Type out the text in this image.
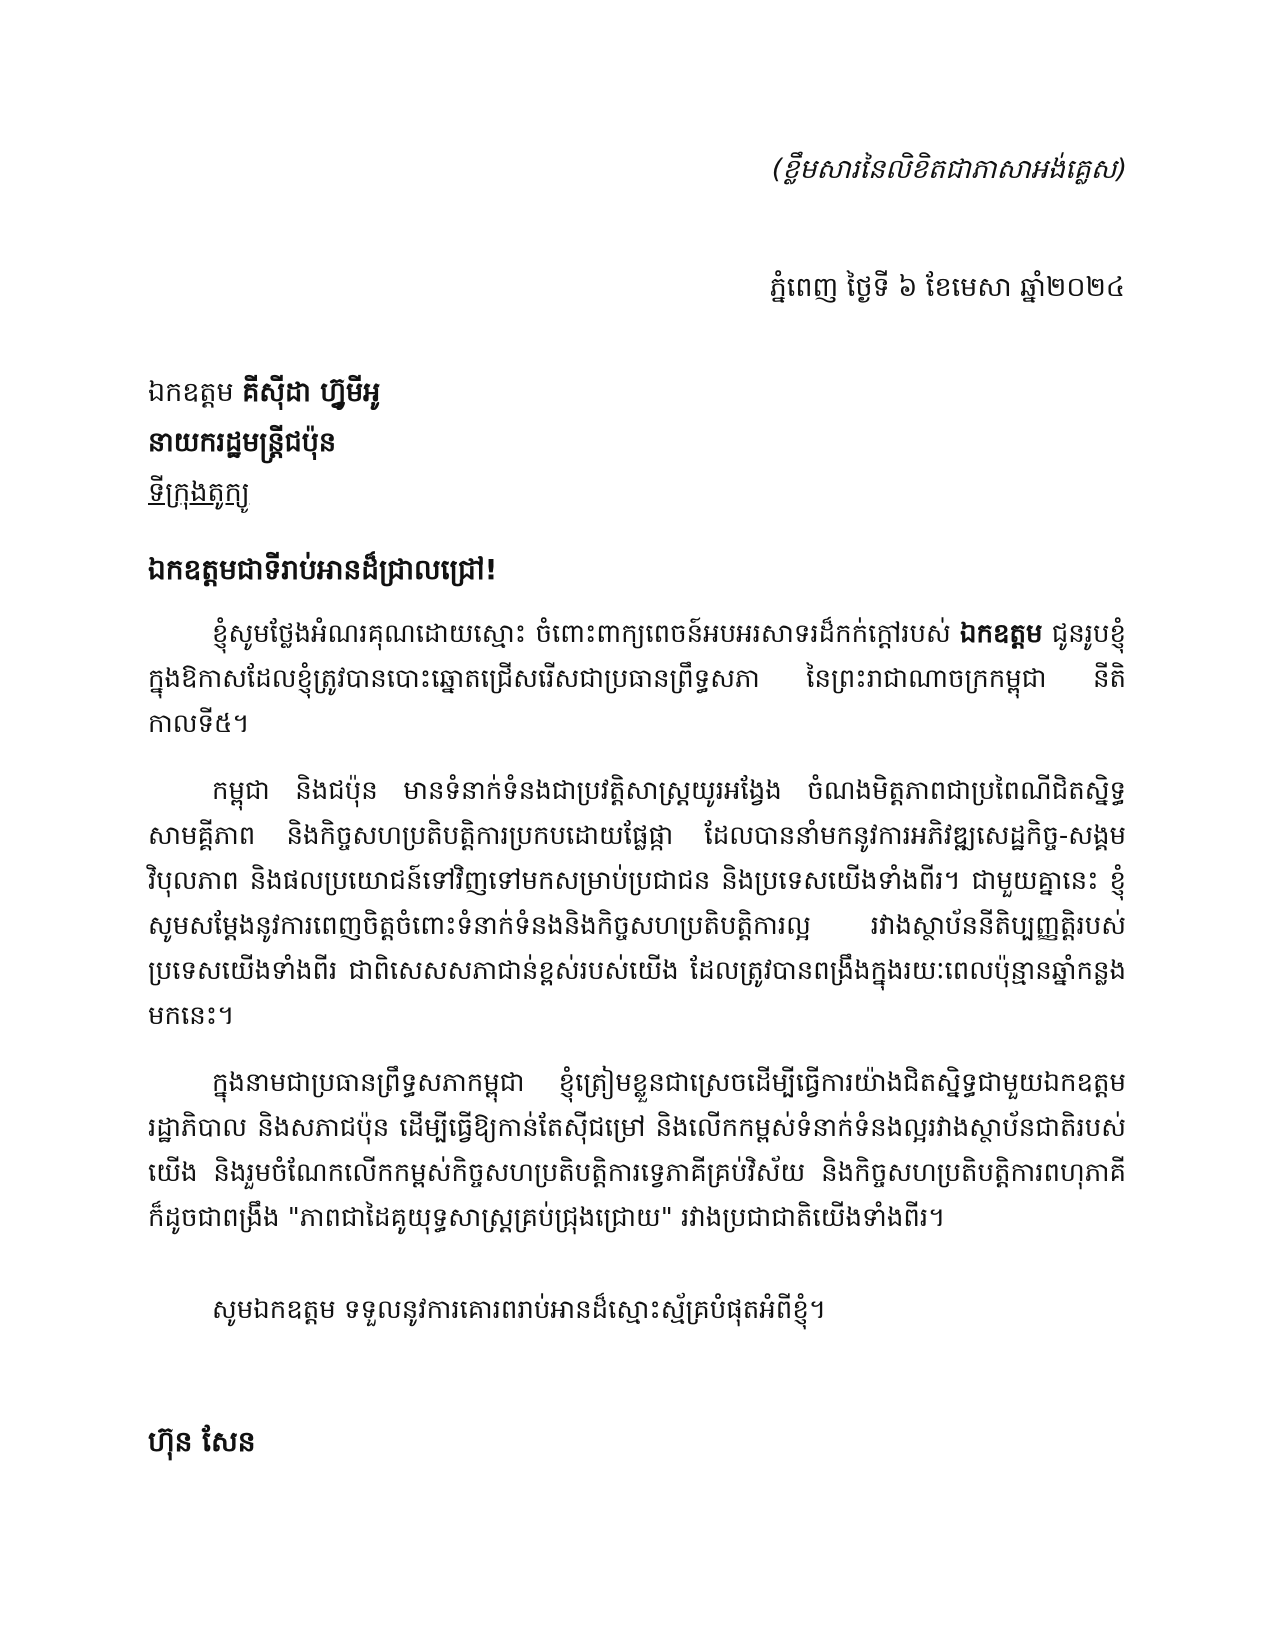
(ខ្លឹមសារនៃលិខិតជាភាសាអង់គ្លេស)
ភ្នំពេញ ថ្ងៃទី ៦ ខែមេសា ឆ្នាំ២០២៤
ឯកឧត្តម គីស៊ីដា ហ្វ៊ូមីអូ
នាយករដ្ឋមន្ត្រីជប៉ុន
ទីក្រុងតូក្យូ
ឯកឧត្តមជាទីរាប់អានដ៏ជ្រាលជ្រៅ!

ខ្ញុំសូមថ្លែងអំណរគុណដោយស្មោះ ចំពោះពាក្យពេចន៍អបអរសាទរដ៏កក់ក្ដៅរបស់ ឯកឧត្តម ជូនរូបខ្ញុំ ក្នុងឱកាសដែលខ្ញុំត្រូវបានបោះឆ្នោតជ្រើសរើសជាប្រធានព្រឹទ្ធសភា នៃព្រះរាជាណាចក្រកម្ពុជា នីតិកាលទី៥។

កម្ពុជា និងជប៉ុន មានទំនាក់ទំនងជាប្រវត្តិសាស្ត្រយូរអង្វែង ចំណងមិត្តភាពជាប្រពៃណីជិតស្និទ្ធ សាមគ្គីភាព និងកិច្ចសហប្រតិបត្តិការប្រកបដោយផ្លែផ្កា ដែលបាននាំមកនូវការអភិវឌ្ឍសេដ្ឋកិច្ច-សង្គម វិបុលភាព និងផលប្រយោជន៍ទៅវិញទៅមកសម្រាប់ប្រជាជន និងប្រទេសយើងទាំងពីរ។ ជាមួយគ្នានេះ ខ្ញុំសូមសម្ដែងនូវការពេញចិត្តចំពោះទំនាក់ទំនងនិងកិច្ចសហប្រតិបត្តិការល្អ រវាងស្ថាប័ននីតិប្បញ្ញត្តិរបស់ប្រទេសយើងទាំងពីរ ជាពិសេសសភាជាន់ខ្ពស់របស់យើង ដែលត្រូវបានពង្រឹងក្នុងរយៈពេលប៉ុន្មានឆ្នាំកន្លងមកនេះ។

ក្នុងនាមជាប្រធានព្រឹទ្ធសភាកម្ពុជា ខ្ញុំត្រៀមខ្លួនជាស្រេចដើម្បីធ្វើការយ៉ាងជិតស្និទ្ធជាមួយឯកឧត្តម រដ្ឋាភិបាល និងសភាជប៉ុន ដើម្បីធ្វើឱ្យកាន់តែស៊ីជម្រៅ និងលើកកម្ពស់ទំនាក់ទំនងល្អរវាងស្ថាប័នជាតិរបស់យើង និងរួមចំណែកលើកកម្ពស់កិច្ចសហប្រតិបត្តិការទ្វេភាគីគ្រប់វិស័យ និងកិច្ចសហប្រតិបត្តិការពហុភាគី ក៏ដូចជាពង្រឹង "ភាពជាដៃគូយុទ្ធសាស្ត្រគ្រប់ជ្រុងជ្រោយ" រវាងប្រជាជាតិយើងទាំងពីរ។

សូមឯកឧត្តម ទទួលនូវការគោរពរាប់អានដ៏ស្មោះស្ម័គ្របំផុតអំពីខ្ញុំ។
ហ៊ុន សែន
